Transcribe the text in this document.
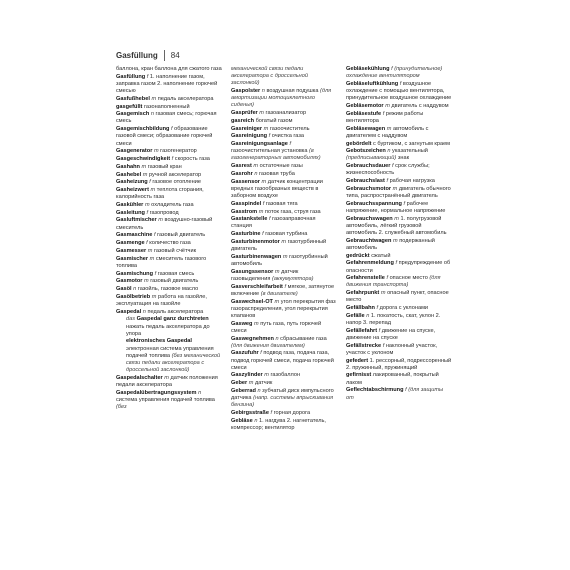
Gasfüllung 84
баллона, кран баллона для сжатого газа
Gasfüllung f 1. наполнение газом, заправка газом 2. наполнение горючей смесью
Gasfußhebel m педаль акселератора
gasgefüllt газонаполненный
Gasgemisch n газовая смесь; горючая смесь
Gasgemischbildung f образование газовой смеси; образование горючей смеси
Gasgenerator m газогенератор
Gasgeschwindigkeit f скорость газа
Gashahn m газовый кран
Gashebel m ручной акселератор
Gasheizung f газовое отопление
Gasheizwert m теплота сгорания, калорийность газа
Gaskühler m охладитель газа
Gasleitung f газопровод
Gasluftmischer m воздушно-газовый смеситель
Gasmaschine f газовый двигатель
Gasmenge f количество газа
Gasmesser m газовый счётчик
Gasmischer m смеситель газового топлива
Gasmischung f газовая смесь
Gasmotor m газовый двигатель
Gasöl n газойль, газовое масло
Gasölbetrieb m работа на газойле, эксплуатация на газойле
Gaspedal n педаль акселератора
das Gaspedal ganz durchtreten нажать педаль акселератора до упора
elektronisches Gaspedal электронная система управления подачей топлива (без механической связи педали акселератора с дроссельной заслонкой)
Gaspedalschalter m датчик положения педали акселератора
Gaspedalübertragungssystem n система управления подачей топлива (без
механической связи педали акселератора с дроссельной заслонкой)
Gaspolster n воздушная подушка (для амортизации мотоциклетного сиденья)
Gasprüfer m газоанализатор
gasreich богатый газом
Gasreiniger m газоочиститель
Gasreinigung f очистка газа
Gasreinigungsanlage f газоочистительная установка (в газогенераторных автомобилях)
Gasrest m остаточные газы
Gasrohr n газовая труба
Gassensor m датчик концентрации вредных газообразных веществ в заборном воздухе
Gasspindel f газовая тяга
Gasstrom m поток газа, струя газа
Gastankstelle f газозаправочная станция
Gasturbine f газовая турбина
Gasturbinenmotor m газотурбинный двигатель
Gasturbinenwagen m газотурбинный автомобиль
Gasungssensor m датчик газовыделения (аккумулятора)
Gasverschleifarbeit f мягкое, затянутое включение (в двигателе)
Gaswechsel-OT m угол перекрытия фаз газораспределения, угол перекрытия клапанов
Gasweg m путь газа, путь горючей смеси
Gaswegnehmen n сбрасывание газа (для движения двигателем)
Gaszufuhr f подвод газа, подача газа, подвод горючей смеси, подача горючей смеси
Gaszylinder m газобаллон
Geber m датчик
Geberrad n зубчатый диск импульсного датчика (напр. системы впрыскивания бензина)
Gebirgsstraße f горная дорога
Gebläse n 1. нагдува 2. нагнетатель, компрессор; вентилятор
Gebläsekühlung f (принудительное) охлаждение вентилятором
Gebläseluftkühlung f воздушное охлаждение с помощью вентилятора, принудительное воздушное охлаждение
Gebläsemotor m двигатель с наддувом
Gebläsestufe f режим работы вентилятора
Gebläsewagen m автомобиль с двигателем с наддувом
gebördelt с буртиком, с загнутым краем
Gebotszeichen n указательный (предписывающий) знак
Gebrauchsdauer f срок службы; жизнеспособность
Gebrauchslast f рабочая нагрузка
Gebrauchsmotor m двигатель обычного типа, распространённый двигатель
Gebrauchsspannung f рабочее напряжение, нормальное напряжение
Gebrauchswagen m 1. полугрузовой автомобиль, лёгкий грузовой автомобиль 2. служебный автомобиль
Gebrauchtwagen m подержанный автомобиль
gedrückt сжатый
Gefahrenmeldung f предупреждение об опасности
Gefahrenstelle f опасное место (для движения транспорта)
Gefahrpunkt m опасный пункт, опасное место
Gefällbahn f дорога с уклонами
Gefälle n 1. покатость, скат, уклон 2. напор 3. перепад
Gefällefahrt f движение на спуске, движение на спуске
Gefällstrecke f наклонный участок, участок с уклоном
gefedert 1. рессорный, подрессоренный 2. пружинный, пружинящий
gefirnisst лакированный, покрытый лаком
Geflechtabschirmung f (для защиты от
